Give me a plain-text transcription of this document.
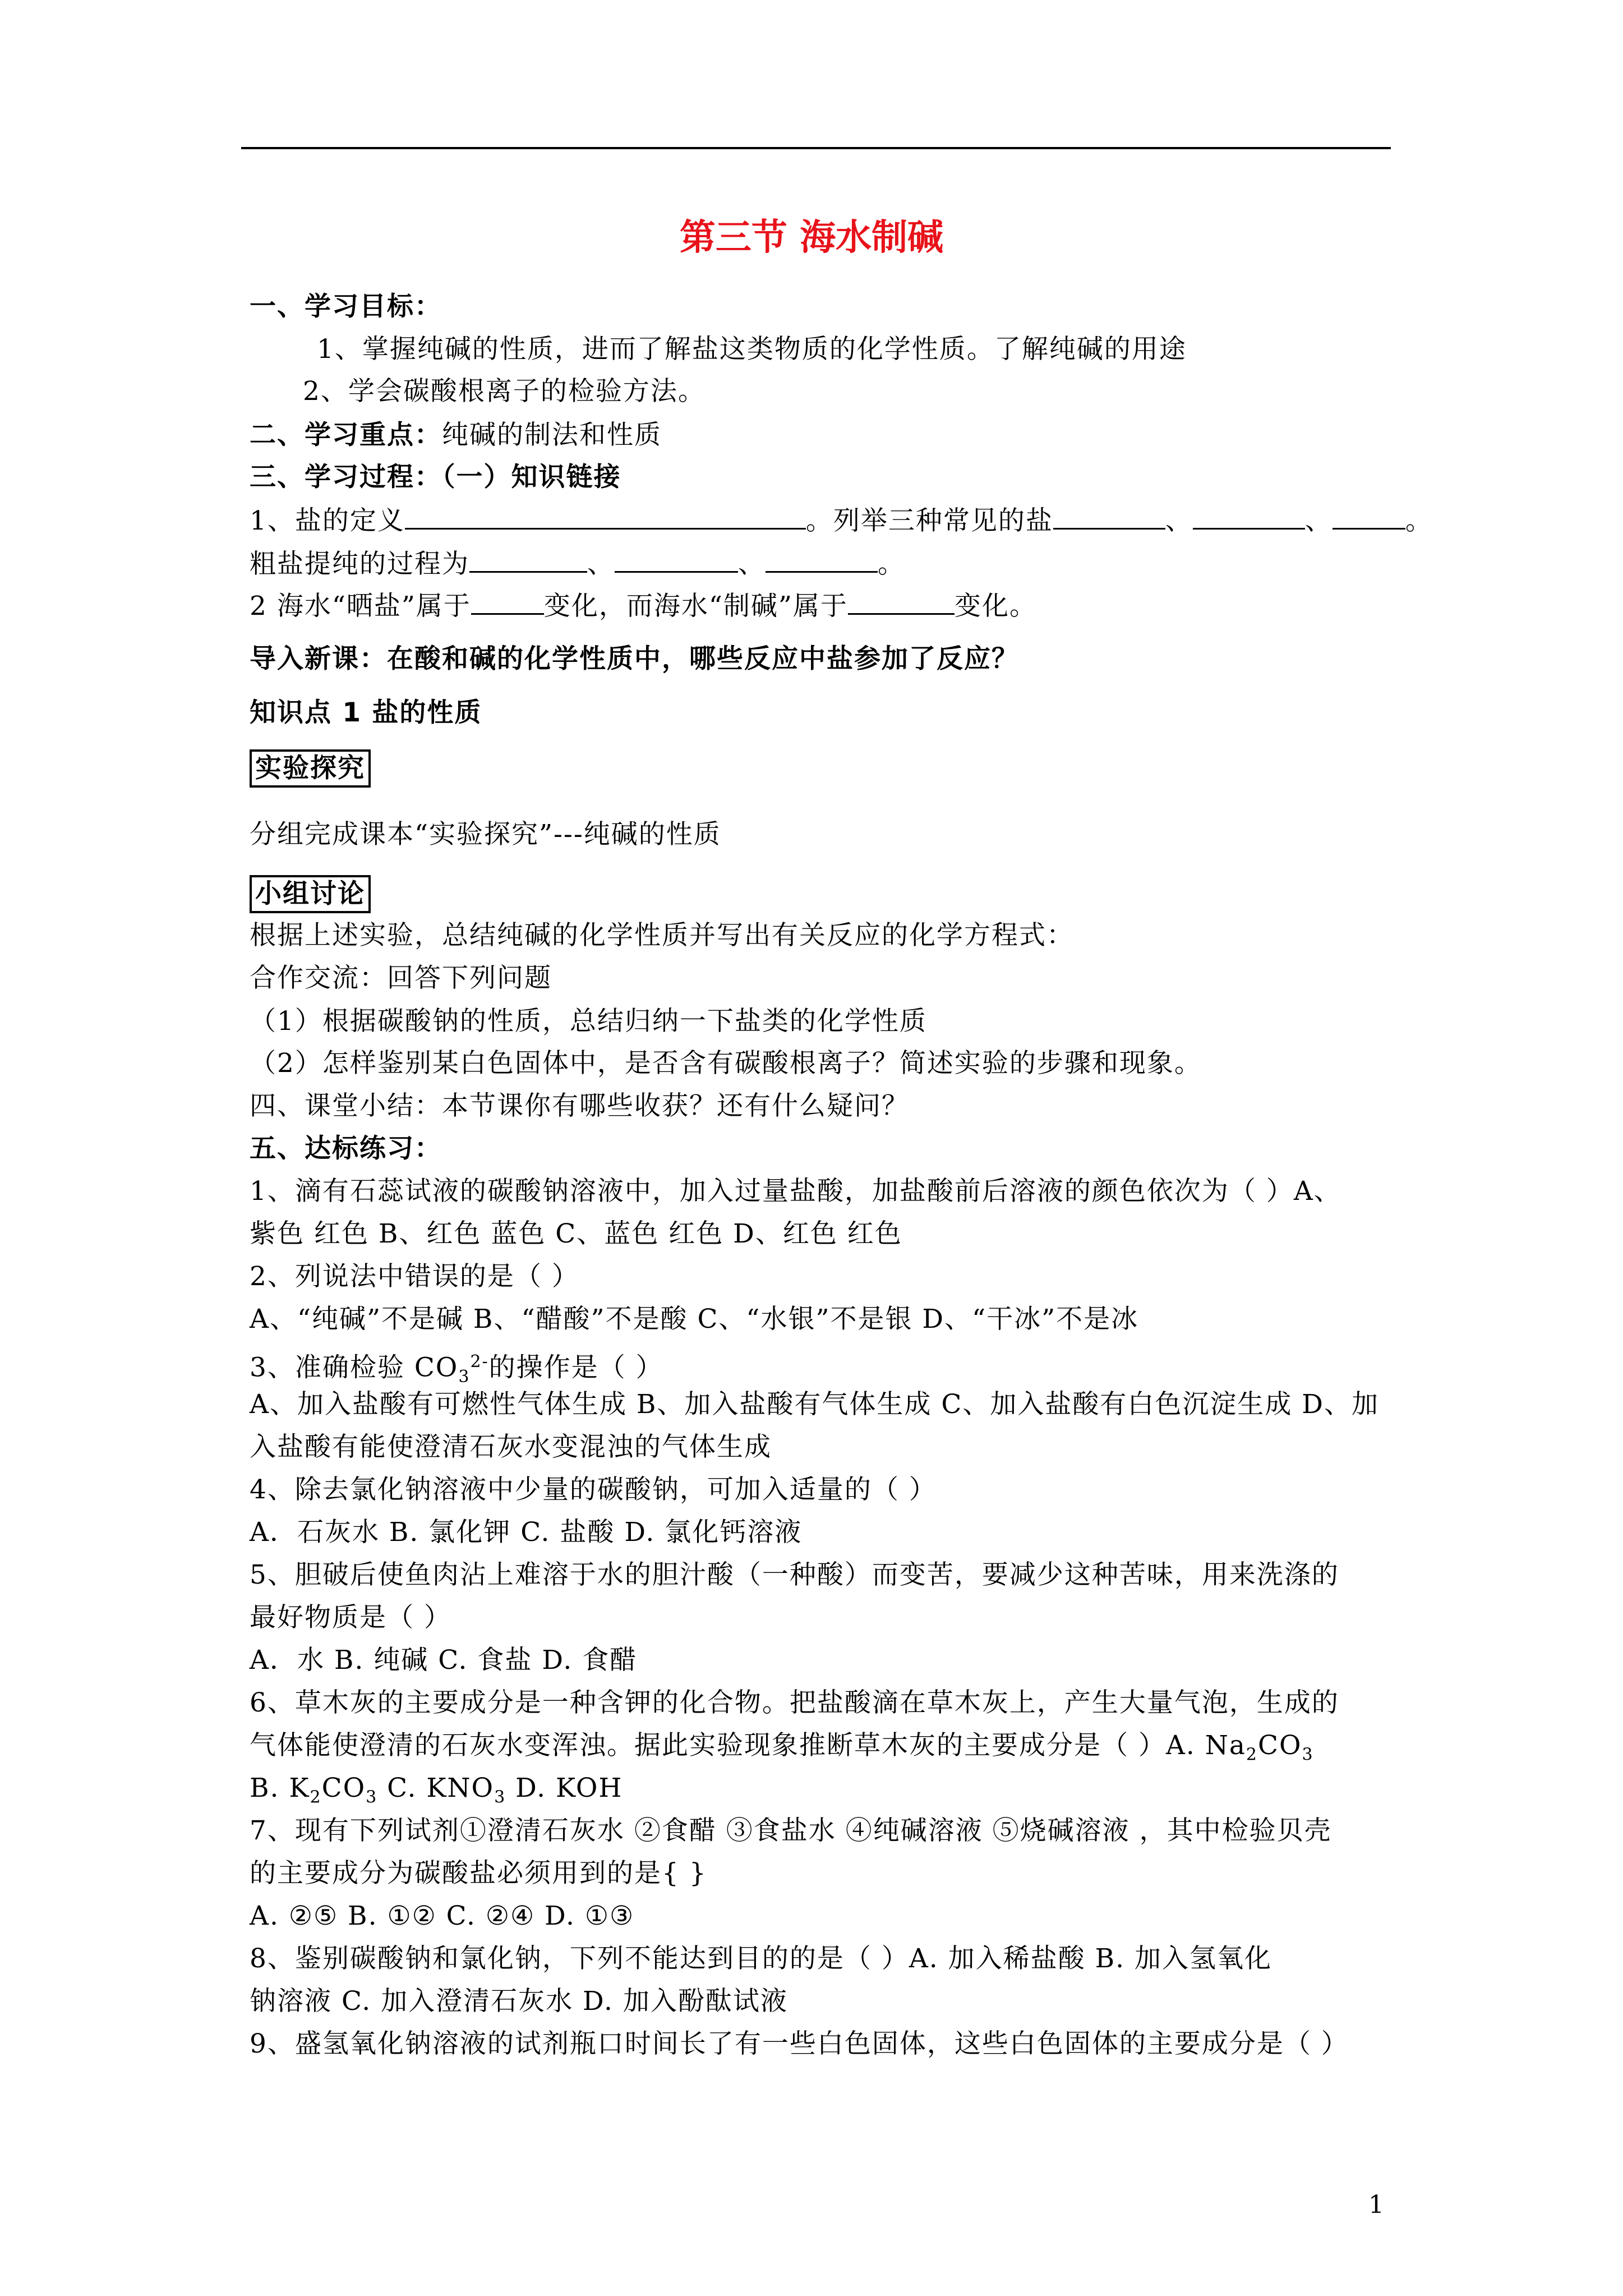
第三节 海水制碱
一、学习目标：
1、掌握纯碱的性质，进而了解盐这类物质的化学性质。了解纯碱的用途
2、学会碳酸根离子的检验方法。
二、学习重点：纯碱的制法和性质
三、学习过程：（一）知识链接
1、盐的定义	。列举三种常见的盐	、	、	。
粗盐提纯的过程为	、	、	。
2 海水“晒盐”属于	变化，而海水“制碱”属于	变化。
导入新课：在酸和碱的化学性质中，哪些反应中盐参加了反应？
知识点 1 盐的性质
实验探究
分组完成课本“实验探究”---纯碱的性质
小组讨论
根据上述实验，总结纯碱的化学性质并写出有关反应的化学方程式：
合作交流：回答下列问题
（1）根据碳酸钠的性质，总结归纳一下盐类的化学性质
（2）怎样鉴别某白色固体中，是否含有碳酸根离子？简述实验的步骤和现象。
四、课堂小结：本节课你有哪些收获？还有什么疑问？
五、达标练习：
1、滴有石蕊试液的碳酸钠溶液中，加入过量盐酸，加盐酸前后溶液的颜色依次为（ ）A、
紫色 红色 B、红色 蓝色 C、蓝色 红色 D、红色 红色
2、列说法中错误的是（ ）
A、“纯碱”不是碱 B、“醋酸”不是酸 C、“水银”不是银 D、“干冰”不是冰
3、准确检验 $CO_3^{2-}$的操作是（ ）
A、加入盐酸有可燃性气体生成 B、加入盐酸有气体生成 C、加入盐酸有白色沉淀生成 D、加
入盐酸有能使澄清石灰水变混浊的气体生成
4、除去氯化钠溶液中少量的碳酸钠，可加入适量的（ ）
A．石灰水 B. 氯化钾 C. 盐酸 D. 氯化钙溶液
5、胆破后使鱼肉沾上难溶于水的胆汁酸（一种酸）而变苦，要减少这种苦味，用来洗涤的
最好物质是（ ）
A．水 B. 纯碱 C. 食盐 D. 食醋
6、草木灰的主要成分是一种含钾的化合物。把盐酸滴在草木灰上，产生大量气泡，生成的
气体能使澄清的石灰水变浑浊。据此实验现象推断草木灰的主要成分是（ ）A. $Na_2CO_3$
B. $K_2CO_3$ C. $KNO_3$ D. KOH
7、现有下列试剂①澄清石灰水 ②食醋 ③食盐水 ④纯碱溶液 ⑤烧碱溶液 ，其中检验贝壳
的主要成分为碳酸盐必须用到的是{ }
A. ②⑤ B. ①② C. ②④ D. ①③
8、鉴别碳酸钠和氯化钠，下列不能达到目的的是（ ）A. 加入稀盐酸 B. 加入氢氧化
钠溶液 C. 加入澄清石灰水 D. 加入酚酞试液
9、盛氢氧化钠溶液的试剂瓶口时间长了有一些白色固体，这些白色固体的主要成分是（ ）
1
